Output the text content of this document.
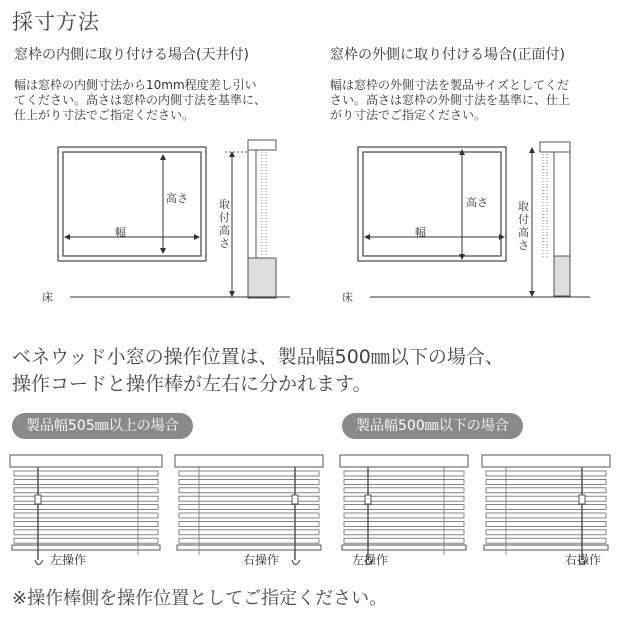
採寸方法
窓枠の内側に取り付ける場合(天井付)
幅は窓枠の内側寸法から10mm程度差し引い
てください。高さは窓枠の内側寸法を基準に、
仕上がり寸法でご指定ください。
窓枠の外側に取り付ける場合(正面付)
幅は窓枠の外側寸法を製品サイズとしてくだ
さい。高さは窓枠の外側寸法を基準に、仕上
がり寸法でご指定ください。
幅
高さ	取
付
高
さ
床
幅
高さ	取
付
高
さ
床
ベネウッド小窓の操作位置は、製品幅500㎜以下の場合、
操作コードと操作棒が左右に分かれます。
製品幅505㎜以上の場合	製品幅500㎜以下の場合
左操作	右操作	左操作	右操作
※操作棒側を操作位置としてご指定ください。
